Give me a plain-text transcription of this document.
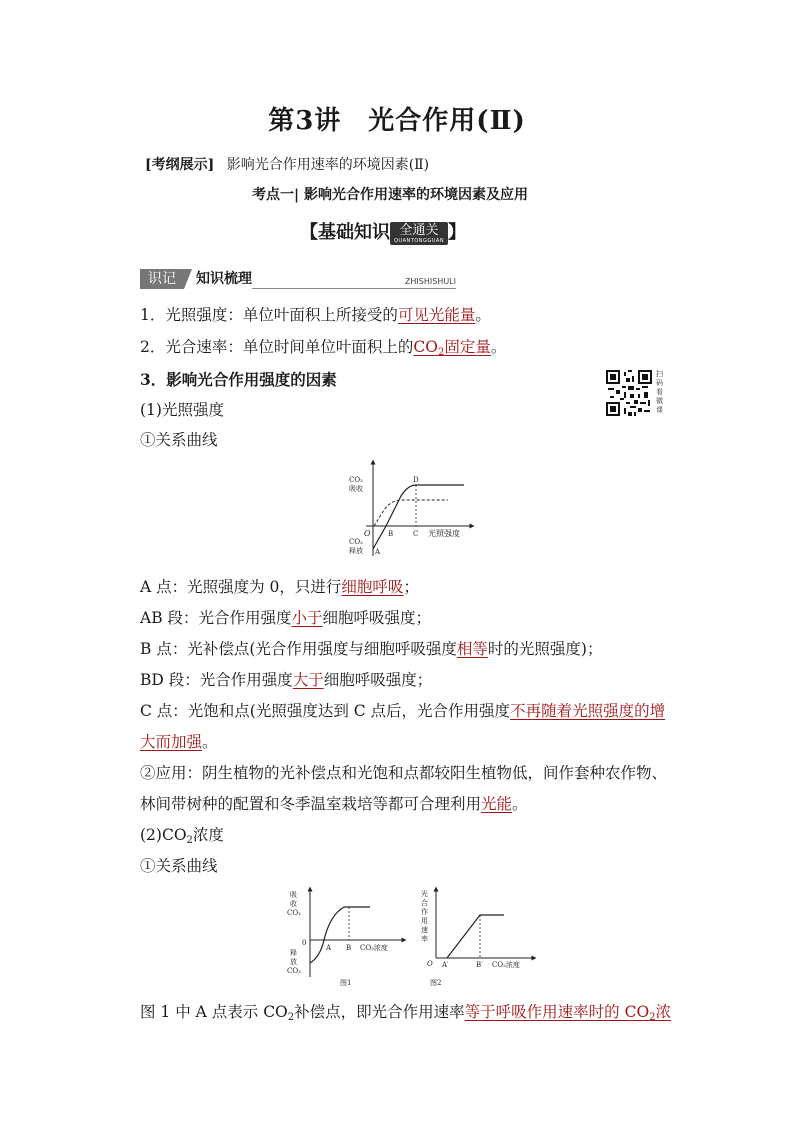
第3讲　光合作用(Ⅱ)
[考纲展示] 影响光合作用速率的环境因素(Ⅱ)
考点一| 影响光合作用速率的环境因素及应用
【基础知识 全通关
QUANTONGGUAN 】
识记	知识梳理	ZHISHISHULI
1．光照强度：单位叶面积上所接受的可见光能量。
2．光合速率：单位时间单位叶面积上的$CO_2$固定量。
3．影响光合作用强度的因素	扫
码
看
微
课
(1)光照强度
①关系曲线
CO₂
吸收
CO₂
释放
O
A
B	C
D
光照强度
A 点：光照强度为 0，只进行细胞呼吸；
AB 段：光合作用强度小于细胞呼吸强度；
B 点：光补偿点(光合作用强度与细胞呼吸强度相等时的光照强度)；
BD 段：光合作用强度大于细胞呼吸强度；
C 点：光饱和点(光照强度达到 C 点后，光合作用强度不再随着光照强度的增
大而加强。
②应用：阴生植物的光补偿点和光饱和点都较阳生植物低，间作套种农作物、
林间带树种的配置和冬季温室栽培等都可合理利用光能。
$(2)CO_2$浓度
①关系曲线
吸
收
CO₂
释
放
CO₂
0
A B CO₂浓度
图1
光
合
作
用
速
率
O A′	B′ CO₂浓度
图2
图 1 中 A 点表示 $CO_2$补偿点，即光合作用速率等于呼吸作用速率时的 $CO_2$浓
